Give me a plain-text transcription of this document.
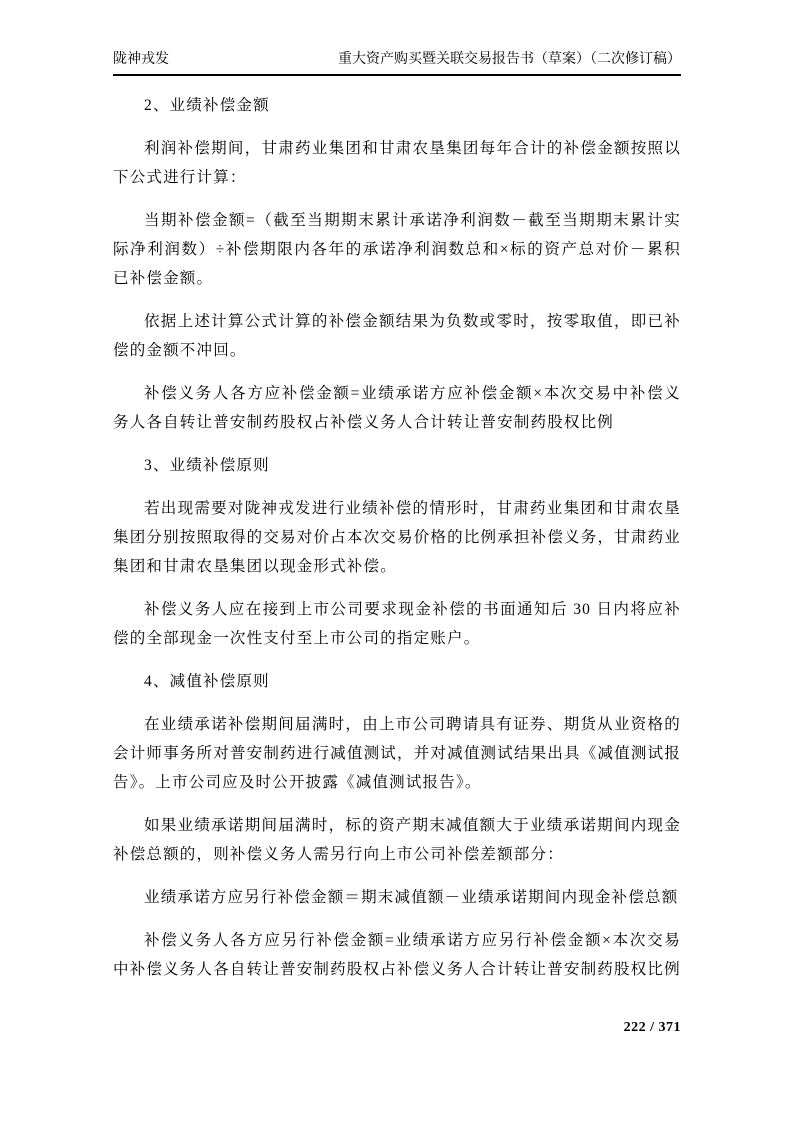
陇神戎发	重大资产购买暨关联交易报告书（草案）（二次修订稿）

2、业绩补偿金额

利润补偿期间，甘肃药业集团和甘肃农垦集团每年合计的补偿金额按照以下公式进行计算：

当期补偿金额=（截至当期期末累计承诺净利润数－截至当期期末累计实际净利润数）÷补偿期限内各年的承诺净利润数总和×标的资产总对价－累积已补偿金额。

依据上述计算公式计算的补偿金额结果为负数或零时，按零取值，即已补偿的金额不冲回。

补偿义务人各方应补偿金额=业绩承诺方应补偿金额×本次交易中补偿义务人各自转让普安制药股权占补偿义务人合计转让普安制药股权比例

3、业绩补偿原则

若出现需要对陇神戎发进行业绩补偿的情形时，甘肃药业集团和甘肃农垦集团分别按照取得的交易对价占本次交易价格的比例承担补偿义务，甘肃药业集团和甘肃农垦集团以现金形式补偿。

补偿义务人应在接到上市公司要求现金补偿的书面通知后 30 日内将应补偿的全部现金一次性支付至上市公司的指定账户。

4、减值补偿原则

在业绩承诺补偿期间届满时，由上市公司聘请具有证券、期货从业资格的会计师事务所对普安制药进行减值测试，并对减值测试结果出具《减值测试报告》。上市公司应及时公开披露《减值测试报告》。

如果业绩承诺期间届满时，标的资产期末减值额大于业绩承诺期间内现金补偿总额的，则补偿义务人需另行向上市公司补偿差额部分：

业绩承诺方应另行补偿金额＝期末减值额－业绩承诺期间内现金补偿总额

补偿义务人各方应另行补偿金额=业绩承诺方应另行补偿金额×本次交易中补偿义务人各自转让普安制药股权占补偿义务人合计转让普安制药股权比例

222 / 371
